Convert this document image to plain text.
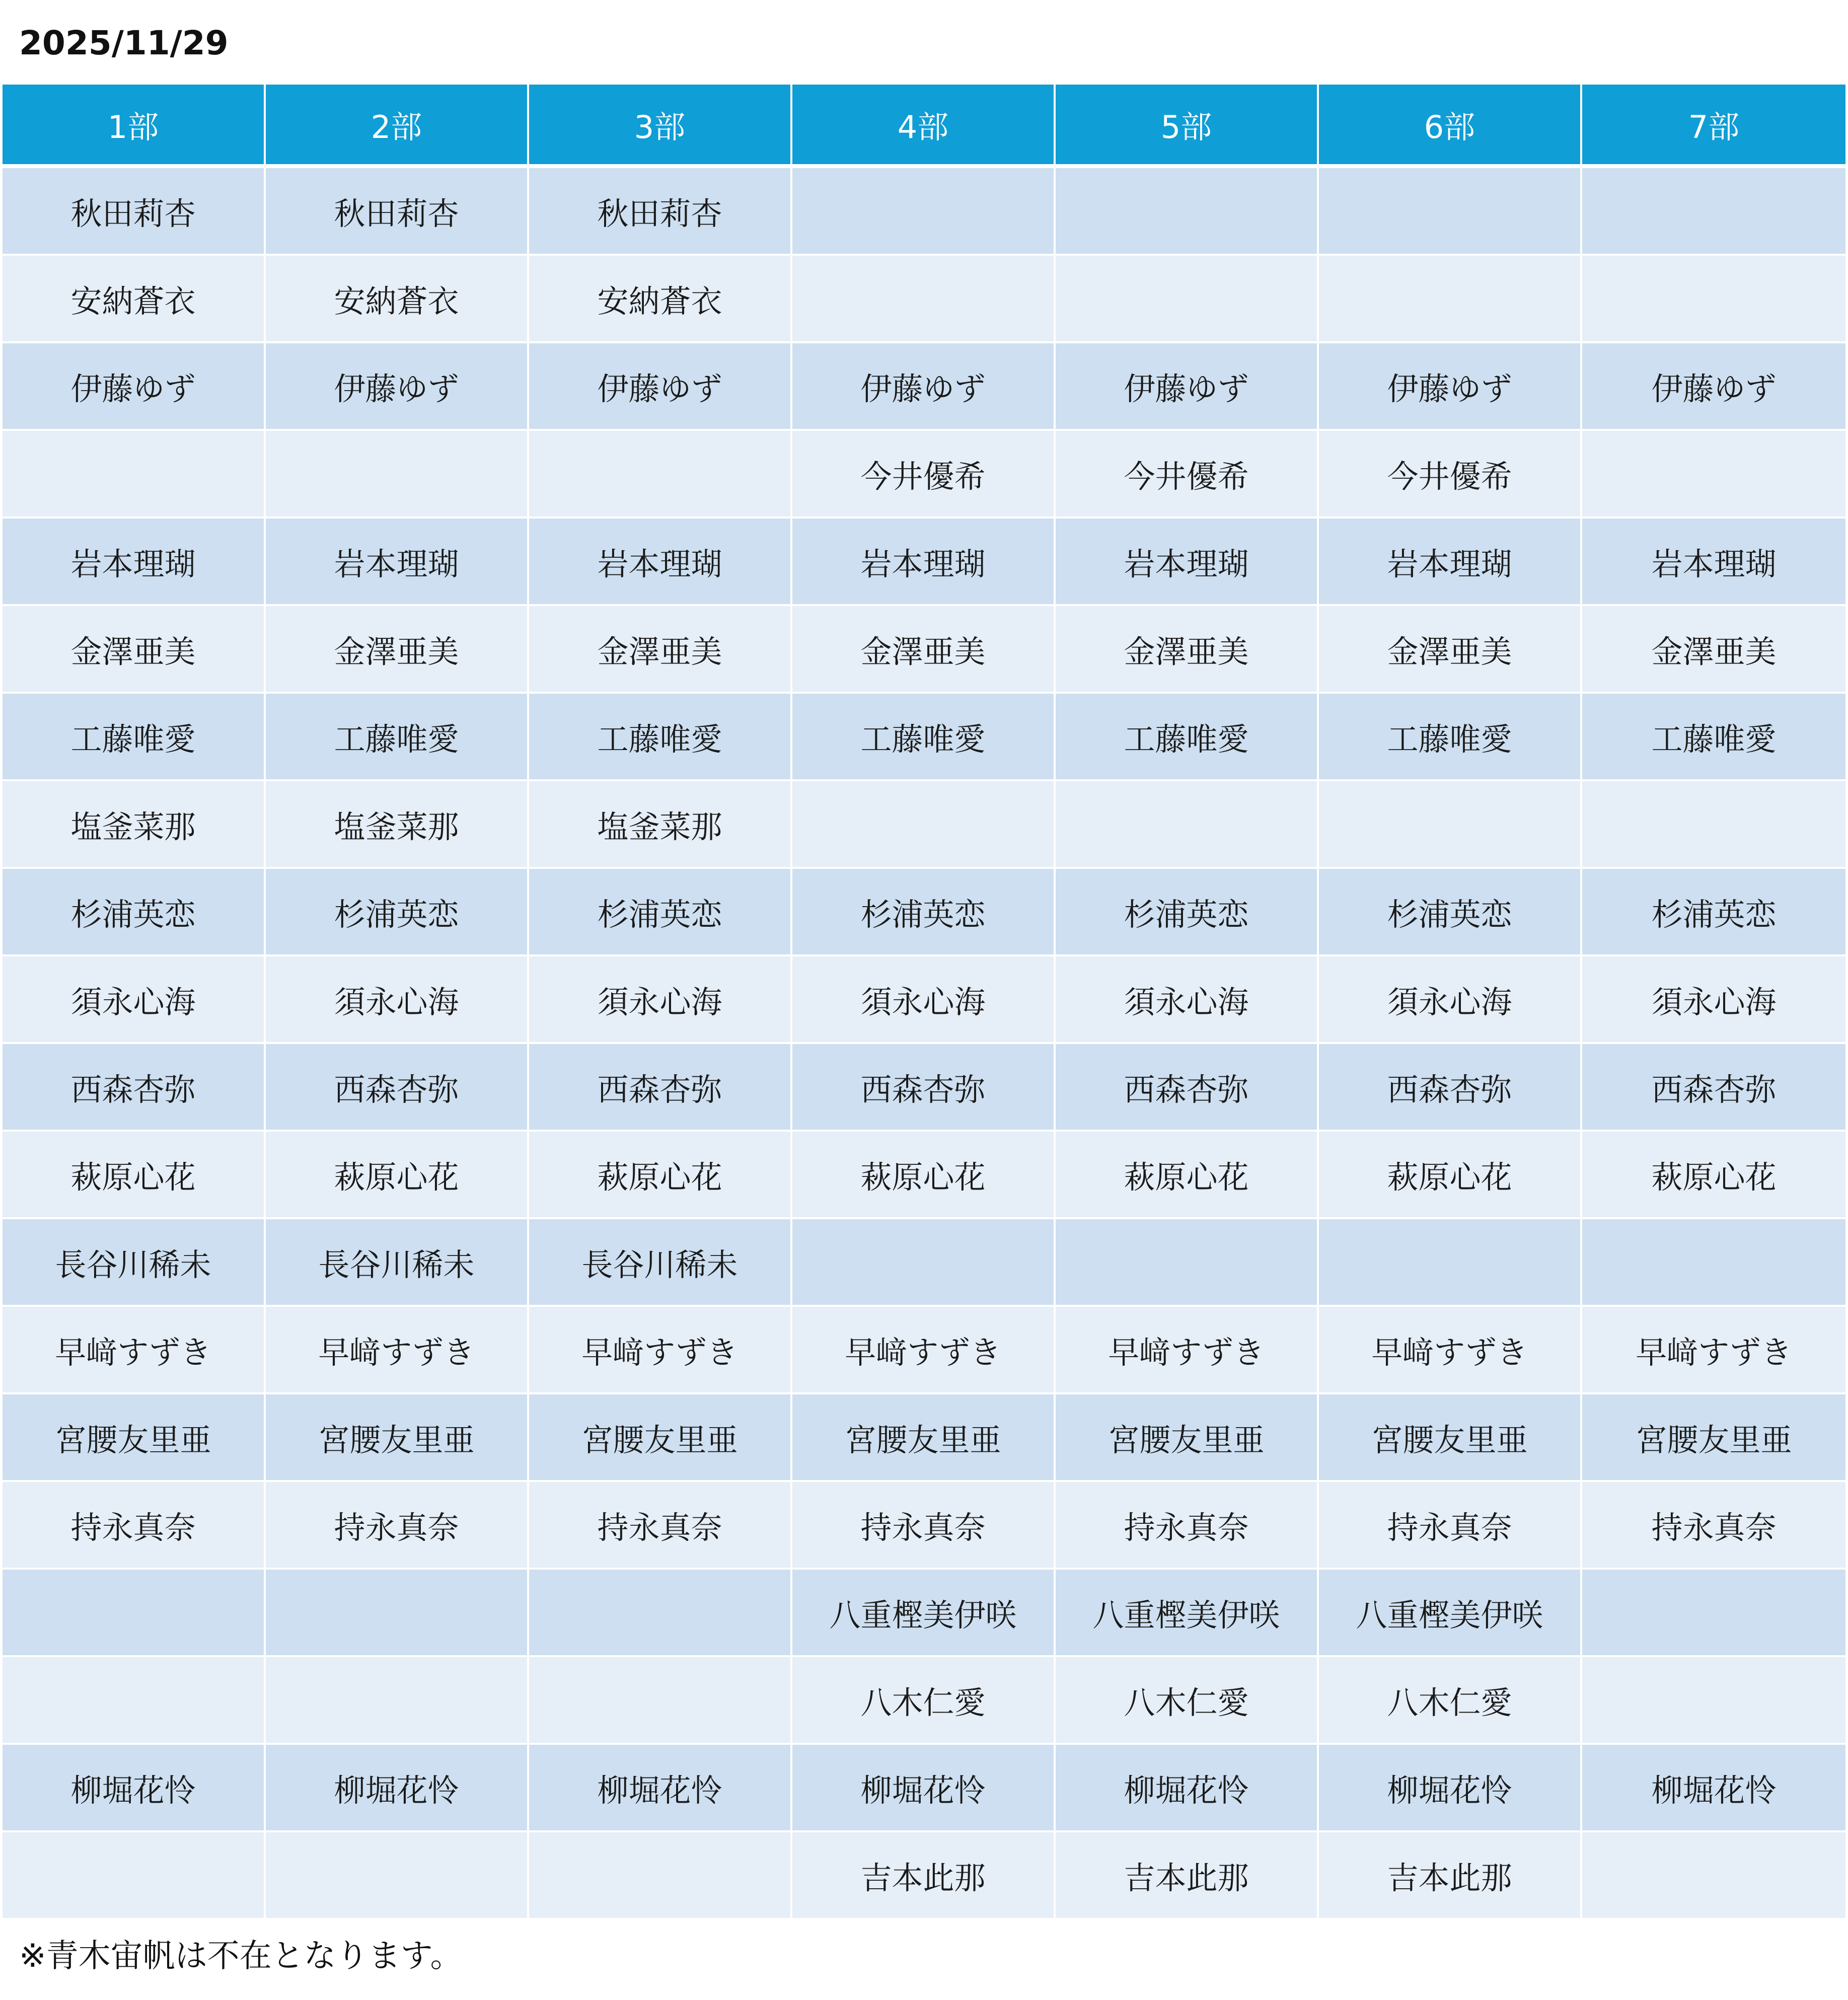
2025/11/29
1部	2部	3部	4部	5部	6部	7部
秋田莉杏	秋田莉杏	秋田莉杏				
安納蒼衣	安納蒼衣	安納蒼衣				
伊藤ゆず	伊藤ゆず	伊藤ゆず	伊藤ゆず	伊藤ゆず	伊藤ゆず	伊藤ゆず
			今井優希	今井優希	今井優希	
岩本理瑚	岩本理瑚	岩本理瑚	岩本理瑚	岩本理瑚	岩本理瑚	岩本理瑚
金澤亜美	金澤亜美	金澤亜美	金澤亜美	金澤亜美	金澤亜美	金澤亜美
工藤唯愛	工藤唯愛	工藤唯愛	工藤唯愛	工藤唯愛	工藤唯愛	工藤唯愛
塩釜菜那	塩釜菜那	塩釜菜那				
杉浦英恋	杉浦英恋	杉浦英恋	杉浦英恋	杉浦英恋	杉浦英恋	杉浦英恋
須永心海	須永心海	須永心海	須永心海	須永心海	須永心海	須永心海
西森杏弥	西森杏弥	西森杏弥	西森杏弥	西森杏弥	西森杏弥	西森杏弥
萩原心花	萩原心花	萩原心花	萩原心花	萩原心花	萩原心花	萩原心花
長谷川稀未	長谷川稀未	長谷川稀未				
早﨑すずき	早﨑すずき	早﨑すずき	早﨑すずき	早﨑すずき	早﨑すずき	早﨑すずき
宮腰友里亜	宮腰友里亜	宮腰友里亜	宮腰友里亜	宮腰友里亜	宮腰友里亜	宮腰友里亜
持永真奈	持永真奈	持永真奈	持永真奈	持永真奈	持永真奈	持永真奈
			八重樫美伊咲	八重樫美伊咲	八重樫美伊咲	
			八木仁愛	八木仁愛	八木仁愛	
柳堀花怜	柳堀花怜	柳堀花怜	柳堀花怜	柳堀花怜	柳堀花怜	柳堀花怜
			吉本此那	吉本此那	吉本此那	
※青木宙帆は不在となります。
